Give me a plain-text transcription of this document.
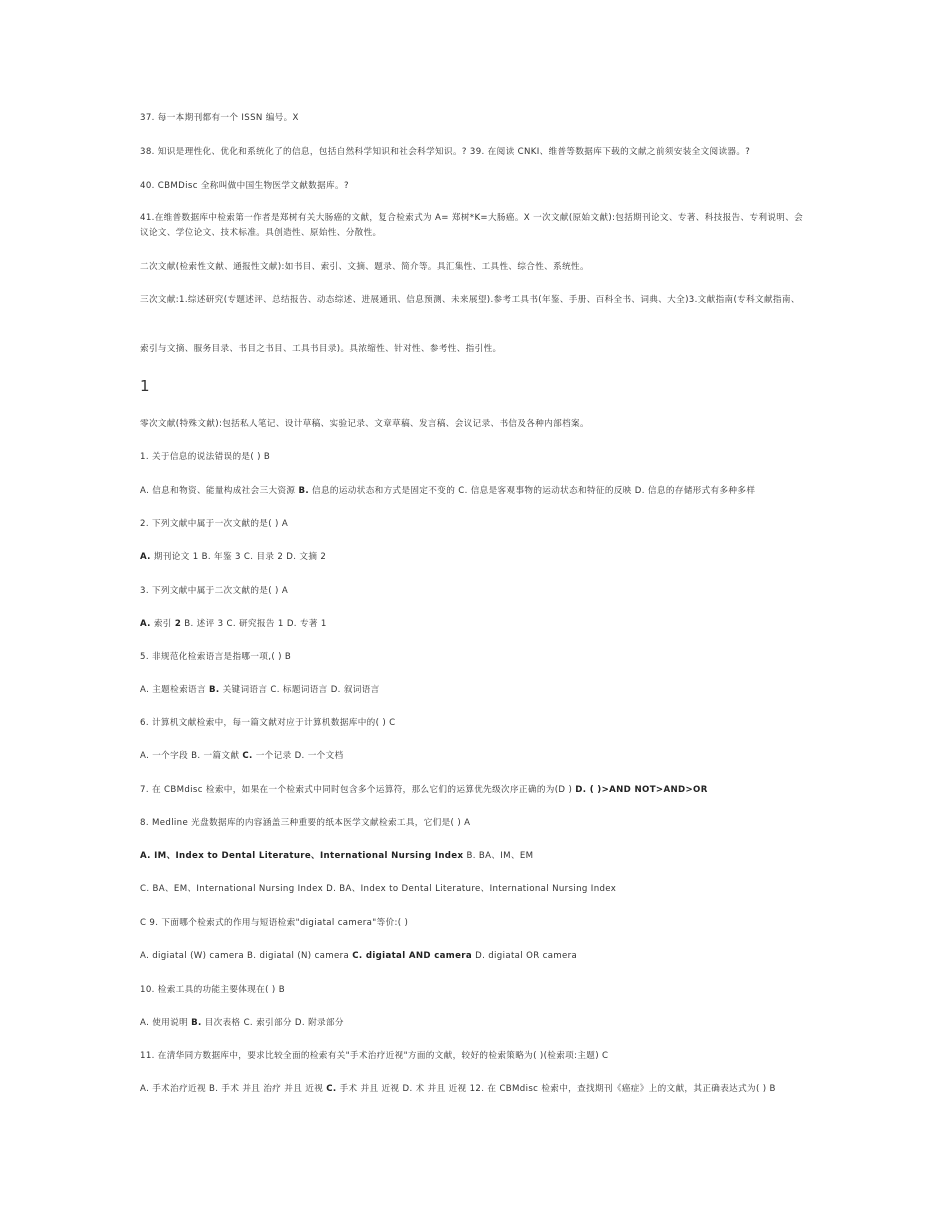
37. 每一本期刊都有一个 ISSN 编号。X
38. 知识是理性化、优化和系统化了的信息，包括自然科学知识和社会科学知识。? 39. 在阅读 CNKI、维普等数据库下载的文献之前须安装全文阅读器。?
40. CBMDisc 全称叫做中国生物医学文献数据库。?
41.在维普数据库中检索第一作者是郑树有关大肠癌的文献，复合检索式为 A= 郑树*K=大肠癌。X 一次文献(原始文献):包括期刊论文、专著、科技报告、专利说明、会议论文、学位论文、技术标准。具创造性、原始性、分散性。
二次文献(检索性文献、通报性文献):如书目、索引、文摘、题录、简介等。具汇集性、工具性、综合性、系统性。
三次文献:1.综述研究(专题述评、总结报告、动态综述、进展通讯、信息预测、未来展望).参考工具书(年鉴、手册、百科全书、词典、大全)3.文献指南(专科文献指南、
索引与文摘、服务目录、书目之书目、工具书目录)。具浓缩性、针对性、参考性、指引性。
1
零次文献(特殊文献):包括私人笔记、设计草稿、实验记录、文章草稿、发言稿、会议记录、书信及各种内部档案。
1. 关于信息的说法错误的是( ) B
A. 信息和物资、能量构成社会三大资源 B. 信息的运动状态和方式是固定不变的 C. 信息是客观事物的运动状态和特征的反映 D. 信息的存储形式有多种多样
2. 下列文献中属于一次文献的是( ) A
A. 期刊论文 1 B. 年鉴 3 C. 目录 2 D. 文摘 2
3. 下列文献中属于二次文献的是( ) A
A. 索引 2 B. 述评 3 C. 研究报告 1 D. 专著 1
5. 非规范化检索语言是指哪一项,( ) B
A. 主题检索语言 B. 关键词语言 C. 标题词语言 D. 叙词语言
6. 计算机文献检索中，每一篇文献对应于计算机数据库中的( ) C
A. 一个字段 B. 一篇文献 C. 一个记录 D. 一个文档
7. 在 CBMdisc 检索中，如果在一个检索式中同时包含多个运算符，那么它们的运算优先级次序正确的为(D ) D. ( )>AND NOT>AND>OR
8. Medline 光盘数据库的内容涵盖三种重要的纸本医学文献检索工具，它们是( ) A
A. IM、Index to Dental Literature、International Nursing Index B. BA、IM、EM
C. BA、EM、International Nursing Index D. BA、Index to Dental Literature、International Nursing Index
C 9. 下面哪个检索式的作用与短语检索"digiatal camera"等价:( )
A. digiatal (W) camera B. digiatal (N) camera C. digiatal AND camera D. digiatal OR camera
10. 检索工具的功能主要体现在( ) B
A. 使用说明 B. 目次表格 C. 索引部分 D. 附录部分
11. 在清华同方数据库中，要求比较全面的检索有关"手术治疗近视"方面的文献，较好的检索策略为( )(检索项:主题) C
A. 手术治疗近视 B. 手术 并且 治疗 并且 近视 C. 手术 并且 近视 D. 术 并且 近视 12. 在 CBMdisc 检索中，查找期刊《癌症》上的文献，其正确表达式为( ) B
